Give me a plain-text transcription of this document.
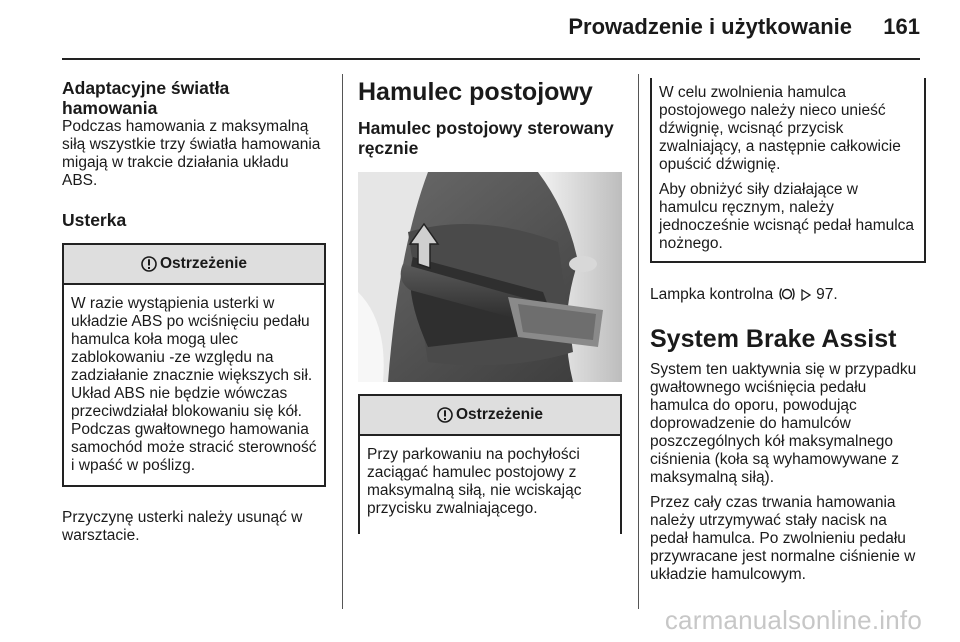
Prowadzenie i użytkowanie 161
Adaptacyjne światła hamowania

Podczas hamowania z maksymalną siłą wszystkie trzy światła hamowania migają w trakcie działania układu ABS.

Usterka
Ostrzeżenie

W razie wystąpienia usterki w układzie ABS po wciśnięciu pedału hamulca koła mogą ulec zablokowaniu -ze względu na zadziałanie znacznie większych sił. Układ ABS nie będzie wówczas przeciwdziałał blokowaniu się kół. Podczas gwałtownego hamowania samochód może stracić sterowność i wpaść w poślizg.

Przyczynę usterki należy usunąć w warsztacie.

Hamulec postojowy
Hamulec postojowy sterowany ręcznie
Ostrzeżenie

Przy parkowaniu na pochyłości zaciągać hamulec postojowy z maksymalną siłą, nie wciskając przycisku zwalniającego.

W celu zwolnienia hamulca postojowego należy nieco unieść dźwignię, wcisnąć przycisk zwalniający, a następnie całkowicie opuścić dźwignię.

Aby obniżyć siły działające w hamulcu ręcznym, należy jednocześnie wcisnąć pedał hamulca nożnego.

Lampka kontrolna	97.

System Brake Assist

System ten uaktywnia się w przypadku gwałtownego wciśnięcia pedału hamulca do oporu, powodując doprowadzenie do hamulców poszczególnych kół maksymalnego ciśnienia (koła są wyhamowywane z maksymalną siłą).

Przez cały czas trwania hamowania należy utrzymywać stały nacisk na pedał hamulca. Po zwolnieniu pedału przywracane jest normalne ciśnienie w układzie hamulcowym.

carmanualsonline.info
